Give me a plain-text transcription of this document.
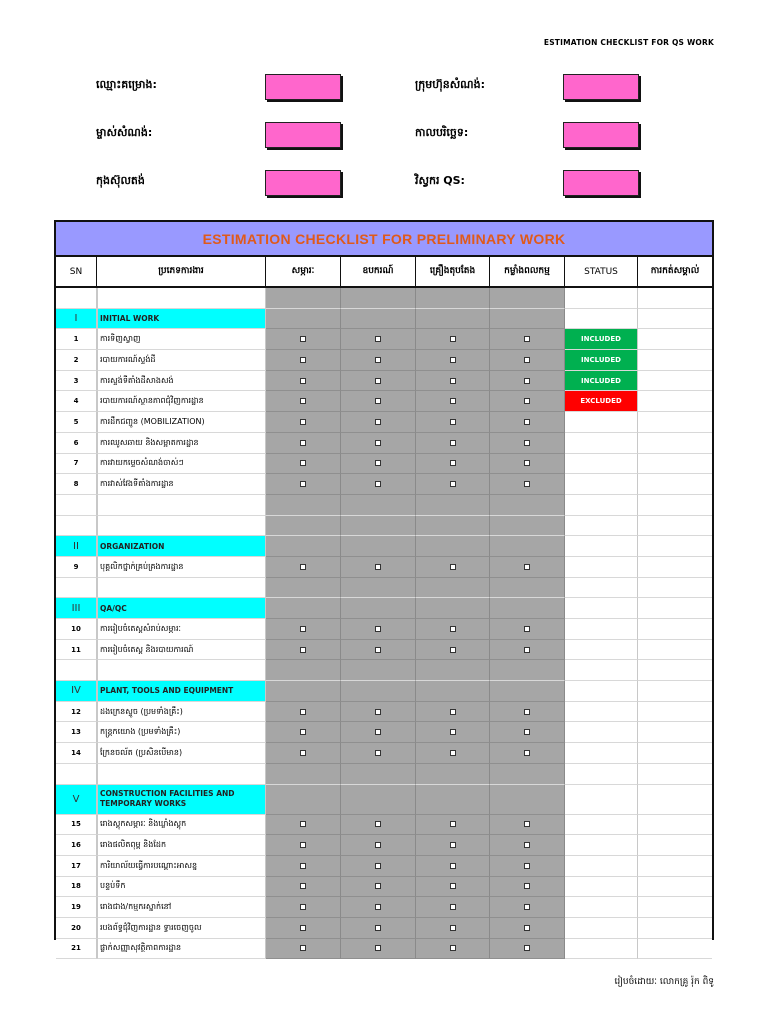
ESTIMATION CHECKLIST FOR QS WORK
ឈ្មោះគម្រោង:	ក្រុមហ៊ុនសំណង់:
ម្ចាស់សំណង់:	កាលបរិច្ឆេទ:
កុងស៊ុលតង់	វិស្វករ QS:
ESTIMATION CHECKLIST FOR PRELIMINARY WORK
SN	ប្រភេទការងារ	សម្ភារៈ	ឧបករណ៍	គ្រឿងតុបតែង	កម្លាំងពលកម្ម	STATUS	ការកត់សម្គាល់
I	INITIAL WORK
1	ការទិញស្វាញ	INCLUDED
2	របាយការណ៍ស្ទង់ដី	INCLUDED
3	ការស្ទង់ទីតាំងដីសាងសង់	INCLUDED
4	របាយការណ៍ស្ថានភាពជុំវិញការដ្ឋាន	EXCLUDED
5	ការដឹកជញ្ជូន (MOBILIZATION)
6	ការឈូសឆាយ និងសម្អាតការដ្ឋាន
7	ការវាយកម្ទេចសំណង់ចាស់ៗ
8	ការវាស់វែងទីតាំងការដ្ឋាន
II	ORGANIZATION
9	បុគ្គលិកថ្នាក់គ្រប់គ្រងការដ្ឋាន
III	QA/QC
10	ការរៀបចំតេស្តសំរាប់សម្ភារៈ
11	ការរៀបចំតេស្ត និងរបាយការណ៍
IV	PLANT, TOOLS AND EQUIPMENT
12	ដងក្រេនស្ទូច (ប្រមទាំងគ្រឹះ)
13	កន្ត្រកយោង (ប្រមទាំងគ្រឹះ)
14	ក្រែនចល័ត (ប្រសិនបើមាន)
V	CONSTRUCTION FACILITIES AND TEMPORARY WORKS
15	រោងស្តុកសម្ភារៈ និងឃ្លាំងស្តុក
16	រោងផលិតពុម្ព និងដែក
17	ការិយាល័យធ្វើការបណ្តោះអាសន្ន
18	បន្ទប់ទឹក
19	រោងជាង/កម្មករស្នាក់នៅ
20	របងព័ទ្ធជុំវិញការដ្ឋាន ទ្វារចេញចូល
21	ផ្លាក់សញ្ញាសុវត្ថិភាពការដ្ឋាន
រៀបចំដោយៈ លោកគ្រូ រ៉ុក ពិទូ
